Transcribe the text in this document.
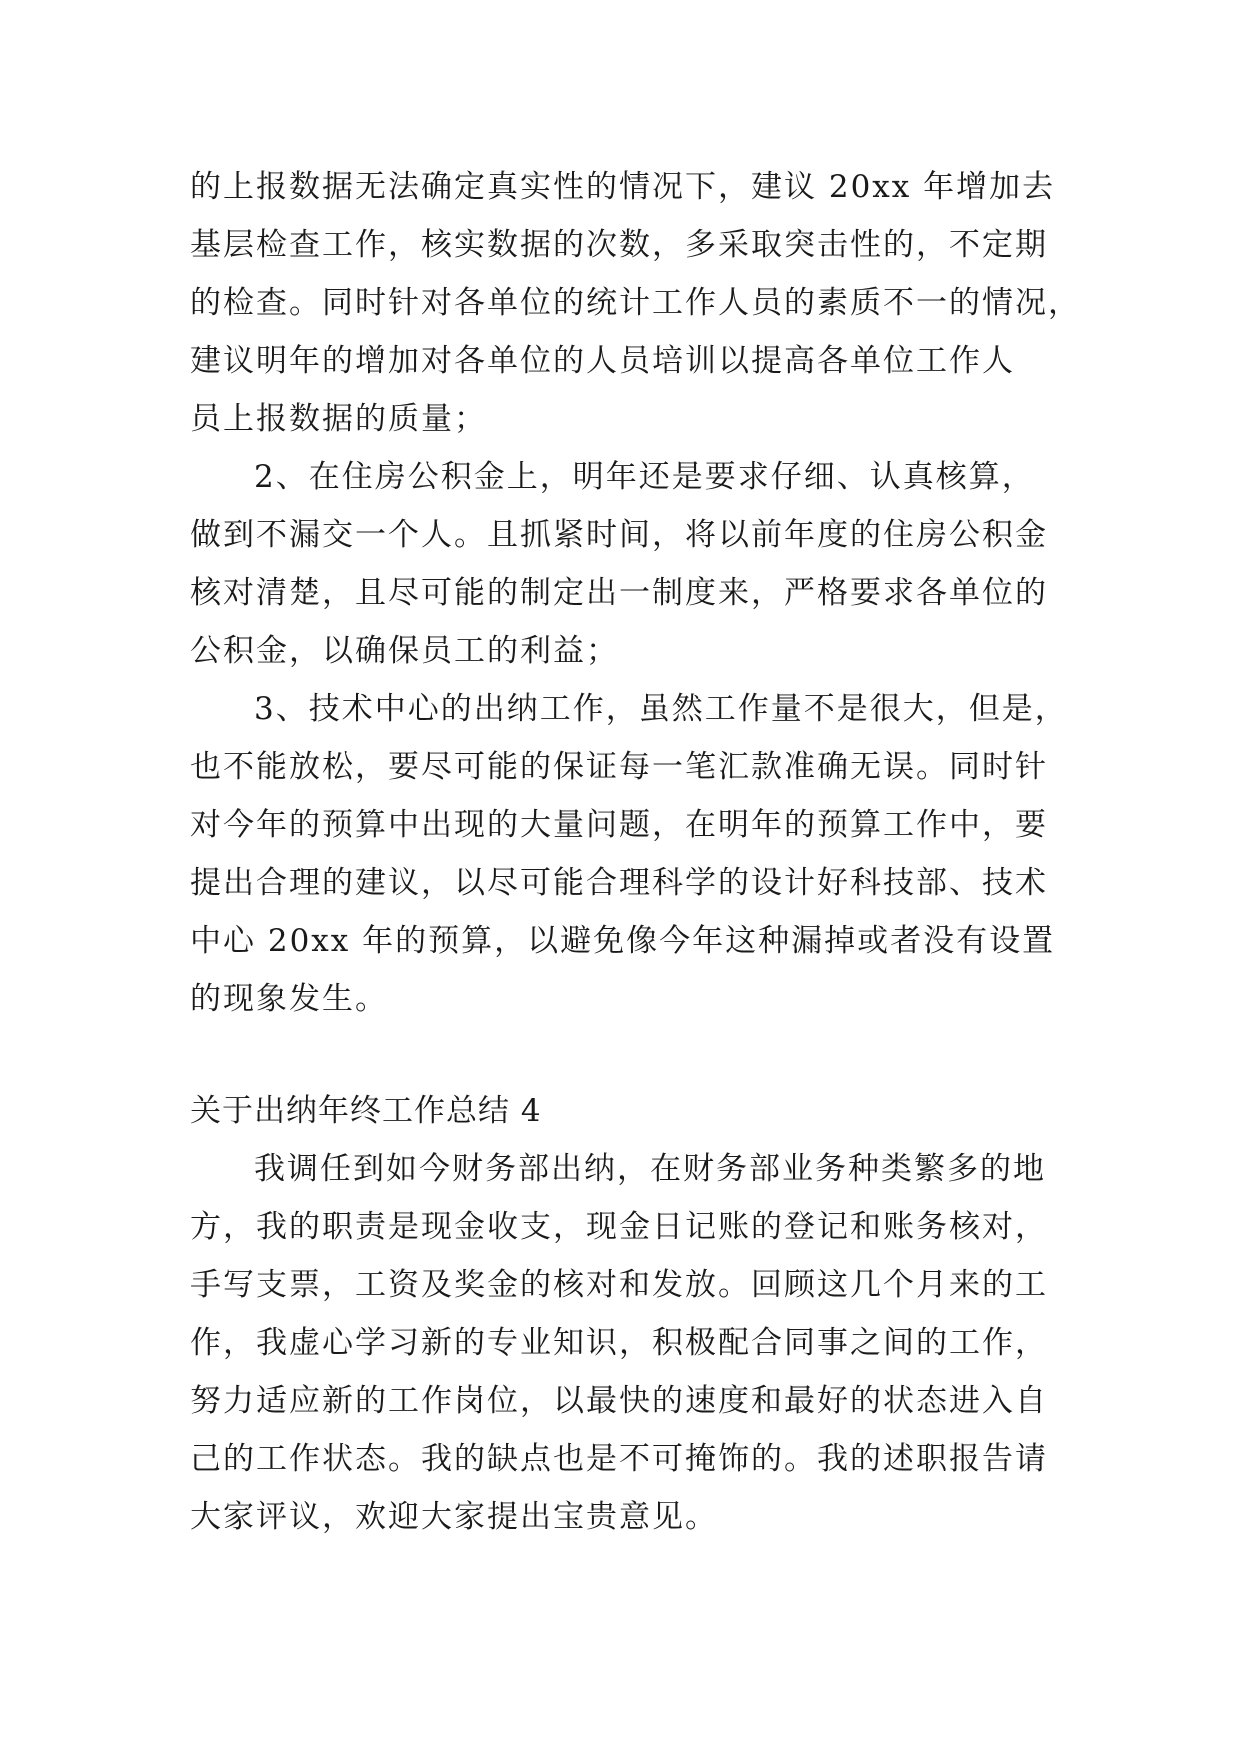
的上报数据无法确定真实性的情况下，建议 20xx 年增加去
基层检查工作，核实数据的次数，多采取突击性的，不定期
的检查。同时针对各单位的统计工作人员的素质不一的情况，
建议明年的增加对各单位的人员培训以提高各单位工作人
员上报数据的质量；
2、在住房公积金上，明年还是要求仔细、认真核算，
做到不漏交一个人。且抓紧时间，将以前年度的住房公积金
核对清楚，且尽可能的制定出一制度来，严格要求各单位的
公积金，以确保员工的利益；
3、技术中心的出纳工作，虽然工作量不是很大，但是，
也不能放松，要尽可能的保证每一笔汇款准确无误。同时针
对今年的预算中出现的大量问题，在明年的预算工作中，要
提出合理的建议，以尽可能合理科学的设计好科技部、技术
中心 20xx 年的预算，以避免像今年这种漏掉或者没有设置
的现象发生。
关于出纳年终工作总结 4
我调任到如今财务部出纳，在财务部业务种类繁多的地
方，我的职责是现金收支，现金日记账的登记和账务核对，
手写支票，工资及奖金的核对和发放。回顾这几个月来的工
作，我虚心学习新的专业知识，积极配合同事之间的工作，
努力适应新的工作岗位，以最快的速度和最好的状态进入自
己的工作状态。我的缺点也是不可掩饰的。我的述职报告请
大家评议，欢迎大家提出宝贵意见。
